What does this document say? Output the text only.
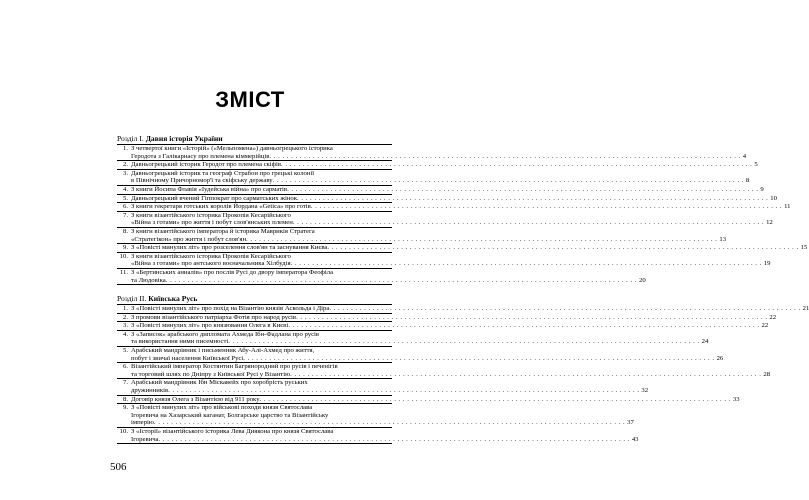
ЗМІСТ
Розділ І. Давня історія України
1. З четвертої книги «Історій» («Мельпомена») давньогрецького історика
Геродота з Галікарнасу про племена кіммерійців . . .	4
2. Давньогрецький історик Геродот про племена скіфів . . .	5
3. Давньогрецький історик та географ Страбон про грецькі колонії
в Північному Причорномор'ї та скіфську державу . . .	8
4. З книги Йосипа Флавія «Іудейська війна» про сарматів . . .	9
5. Давньогрецький вчений Гіппократ про сарматських жінок . . .	10
6. З книги гекретаря готських королів Йордана «Getica» про готів . . .	11
7. З книги візантійського історика Прокопія Кесарійського
«Війна з готами» про життя і побут слов'янських племен . . .	12
8. З книги візантійського імператора й історика Маврикія Стратега
«Стратегікон» про життя і побут слов'ян . . .	13
9. З «Повісті минулих літ» про розселення слов'ян та заснування Києва . . .	15
10. З книги візантійського історика Прокопія Кесарійського
«Війна з готами» про антського воєначальника Хілбудія . . .	19
11. З «Бертинських анналів» про послів Русі до двору імператора Феофіла
та Людовіка . . .	20
Розділ ІІ. Київська Русь
1. З «Повісті минулих літ» про похід на Візантію князів Аскольда і Діра . . .	21
2. З промови візантійського патріарха Фотія про народ русів . . .	22
3. З «Повісті минулих літ» про князювання Олега в Києві . . .	22
4. З «Записок» арабського дипломата Ахмеда Ібн-Фадлана про русів
та використання ними писемності . . .	24
5. Арабський мандрівник і письменник Абу-Алі-Ахмед про життя,
побут і звичаї населення Київської Русі . . .	26
6. Візантійський імператор Костянтин Багрянородний про русів і печенігів
та торговий шлях по Дніпру з Київської Русі у Візантію . . .	28
7. Арабський мандрівник Ібн Міскавейх про хоробрість руських
дружинників . . .	32
8. Договір князя Олега з Візантією від 911 року . . .	33
9. З «Повісті минулих літ» про військові походи князя Святослава
Ігоревича на Хазарський каганат, Болгарське царство та Візантійську
імперію . . .	37
10. З «Історії» візантійського історика Лева Диякона про князя Святослава
Ігоревича . . .	43
506
